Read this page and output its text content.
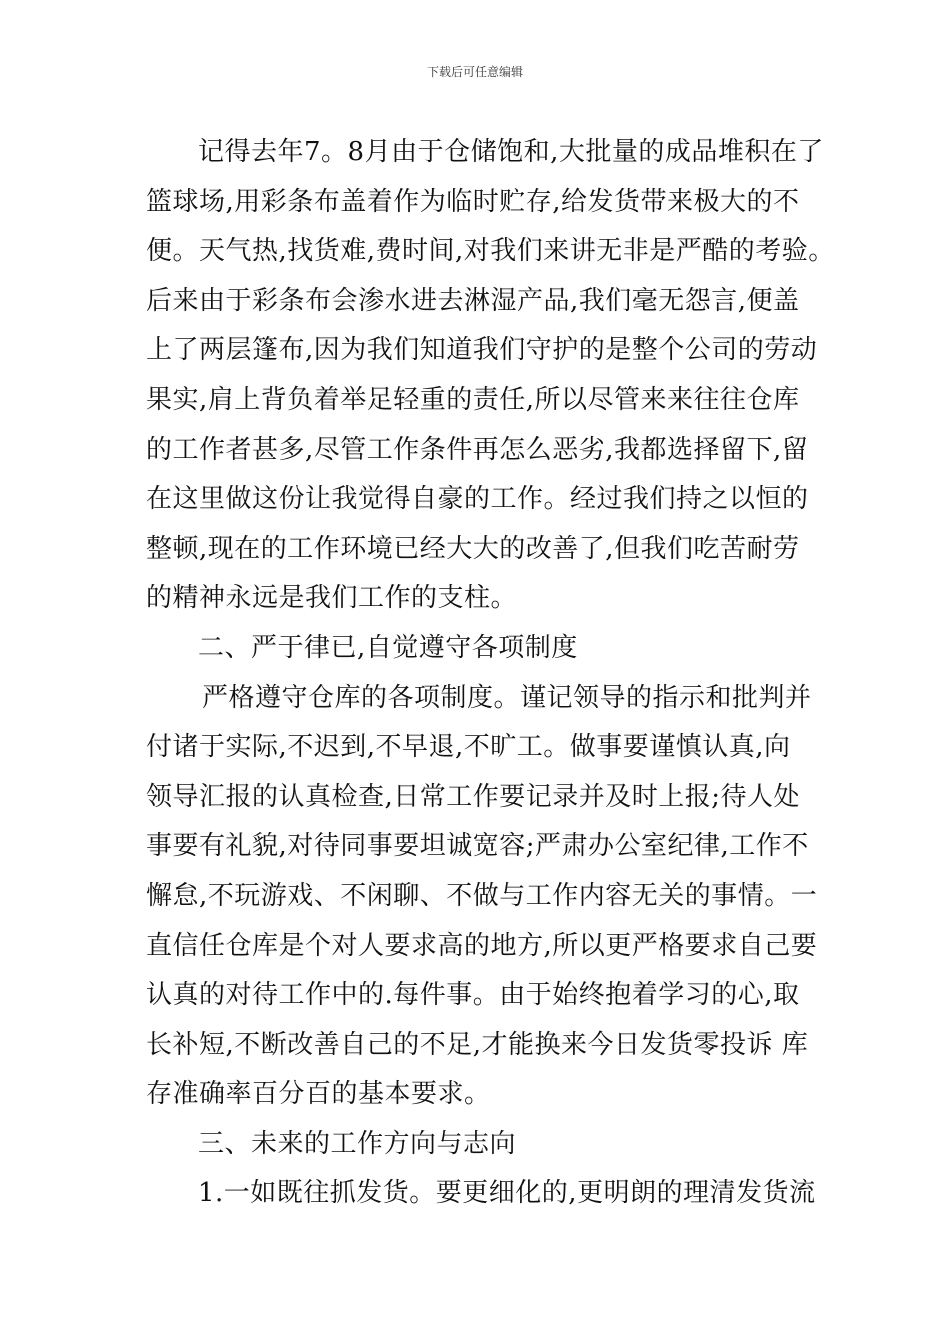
下载后可任意编辑
记得去年7。8月由于仓储饱和,大批量的成品堆积在了
篮球场,用彩条布盖着作为临时贮存,给发货带来极大的不
便。天气热,找货难,费时间,对我们来讲无非是严酷的考验。
后来由于彩条布会渗水进去淋湿产品,我们毫无怨言,便盖
上了两层篷布,因为我们知道我们守护的是整个公司的劳动
果实,肩上背负着举足轻重的责任,所以尽管来来往往仓库
的工作者甚多,尽管工作条件再怎么恶劣,我都选择留下,留
在这里做这份让我觉得自豪的工作。经过我们持之以恒的
整顿,现在的工作环境已经大大的改善了,但我们吃苦耐劳
的精神永远是我们工作的支柱。
二、严于律已,自觉遵守各项制度
严格遵守仓库的各项制度。谨记领导的指示和批判并
付诸于实际,不迟到,不早退,不旷工。做事要谨慎认真,向
领导汇报的认真检查,日常工作要记录并及时上报;待人处
事要有礼貌,对待同事要坦诚宽容;严肃办公室纪律,工作不
懈怠,不玩游戏、不闲聊、不做与工作内容无关的事情。一
直信任仓库是个对人要求高的地方,所以更严格要求自己要
认真的对待工作中的.每件事。由于始终抱着学习的心,取
长补短,不断改善自己的不足,才能换来今日发货零投诉 库
存准确率百分百的基本要求。
三、未来的工作方向与志向
1.一如既往抓发货。要更细化的,更明朗的理清发货流
